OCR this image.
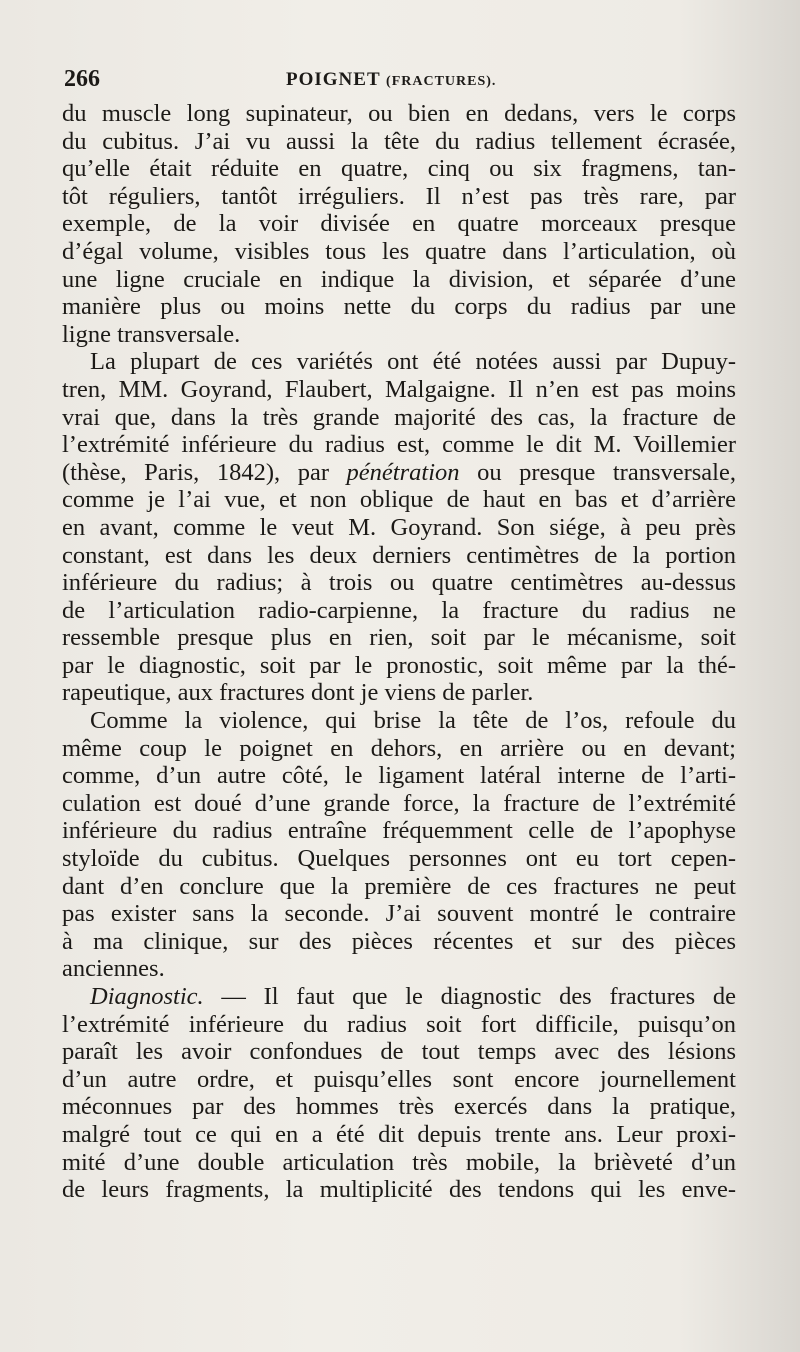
266	POIGNET (FRACTURES).
du muscle long supinateur, ou bien en dedans, vers le corps
du cubitus. J’ai vu aussi la tête du radius tellement écrasée,
qu’elle était réduite en quatre, cinq ou six fragmens, tan-
tôt réguliers, tantôt irréguliers. Il n’est pas très rare, par
exemple, de la voir divisée en quatre morceaux presque
d’égal volume, visibles tous les quatre dans l’articulation, où
une ligne cruciale en indique la division, et séparée d’une
manière plus ou moins nette du corps du radius par une
ligne transversale.
La plupart de ces variétés ont été notées aussi par Dupuy-
tren, MM. Goyrand, Flaubert, Malgaigne. Il n’en est pas moins
vrai que, dans la très grande majorité des cas, la fracture de
l’extrémité inférieure du radius est, comme le dit M. Voillemier
(thèse, Paris, 1842), par pénétration ou presque transversale,
comme je l’ai vue, et non oblique de haut en bas et d’arrière
en avant, comme le veut M. Goyrand. Son siége, à peu près
constant, est dans les deux derniers centimètres de la portion
inférieure du radius; à trois ou quatre centimètres au-dessus
de l’articulation radio-carpienne, la fracture du radius ne
ressemble presque plus en rien, soit par le mécanisme, soit
par le diagnostic, soit par le pronostic, soit même par la thé-
rapeutique, aux fractures dont je viens de parler.
Comme la violence, qui brise la tête de l’os, refoule du
même coup le poignet en dehors, en arrière ou en devant;
comme, d’un autre côté, le ligament latéral interne de l’arti-
culation est doué d’une grande force, la fracture de l’extrémité
inférieure du radius entraîne fréquemment celle de l’apophyse
styloïde du cubitus. Quelques personnes ont eu tort cepen-
dant d’en conclure que la première de ces fractures ne peut
pas exister sans la seconde. J’ai souvent montré le contraire
à ma clinique, sur des pièces récentes et sur des pièces
anciennes.
Diagnostic. — Il faut que le diagnostic des fractures de
l’extrémité inférieure du radius soit fort difficile, puisqu’on
paraît les avoir confondues de tout temps avec des lésions
d’un autre ordre, et puisqu’elles sont encore journellement
méconnues par des hommes très exercés dans la pratique,
malgré tout ce qui en a été dit depuis trente ans. Leur proxi-
mité d’une double articulation très mobile, la brièveté d’un
de leurs fragments, la multiplicité des tendons qui les enve-
